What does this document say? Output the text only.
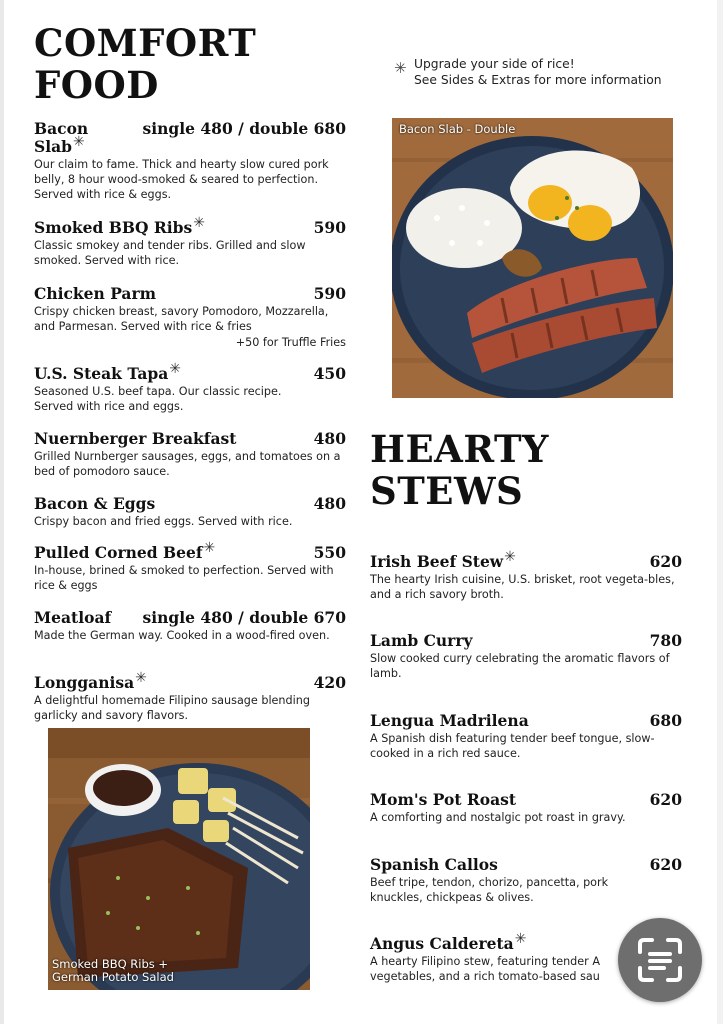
COMFORT
FOOD
Bacon
Slab✳
single 480 / double 680
Our claim to fame. Thick and hearty slow cured pork belly, 8 hour wood-smoked & seared to perfection. Served with rice & eggs.
Smoked BBQ Ribs✳	590
Classic smokey and tender ribs. Grilled and slow smoked. Served with rice.
Chicken Parm	590
Crispy chicken breast, savory Pomodoro, Mozzarella, and Parmesan. Served with rice & fries
+50 for Truffle Fries
U.S. Steak Tapa✳	450
Seasoned U.S. beef tapa. Our classic recipe. Served with rice and eggs.
Nuernberger Breakfast	480
Grilled Nurnberger sausages, eggs, and tomatoes on a bed of pomodoro sauce.
Bacon & Eggs	480
Crispy bacon and fried eggs. Served with rice.
Pulled Corned Beef✳	550
In-house, brined & smoked to perfection. Served with rice & eggs
Meatloaf single 480 / double 670
Made the German way. Cooked in a wood-fired oven.
Longganisa✳	420
A delightful homemade Filipino sausage blending garlicky and savory flavors.
Smoked BBQ Ribs +
German Potato Salad
✳ Upgrade your side of rice!
See Sides & Extras for more information
Bacon Slab - Double
HEARTY
STEWS
Irish Beef Stew✳	620
The hearty Irish cuisine, U.S. brisket, root vegeta-bles, and a rich savory broth.
Lamb Curry	780
Slow cooked curry celebrating the aromatic flavors of lamb.
Lengua Madrilena	680
A Spanish dish featuring tender beef tongue, slow-cooked in a rich red sauce.
Mom's Pot Roast	620
A comforting and nostalgic pot roast in gravy.
Spanish Callos	620
Beef tripe, tendon, chorizo, pancetta, pork knuckles, chickpeas & olives.
Angus Caldereta✳
A hearty Filipino stew, featuring tender A vegetables, and a rich tomato-based sau
